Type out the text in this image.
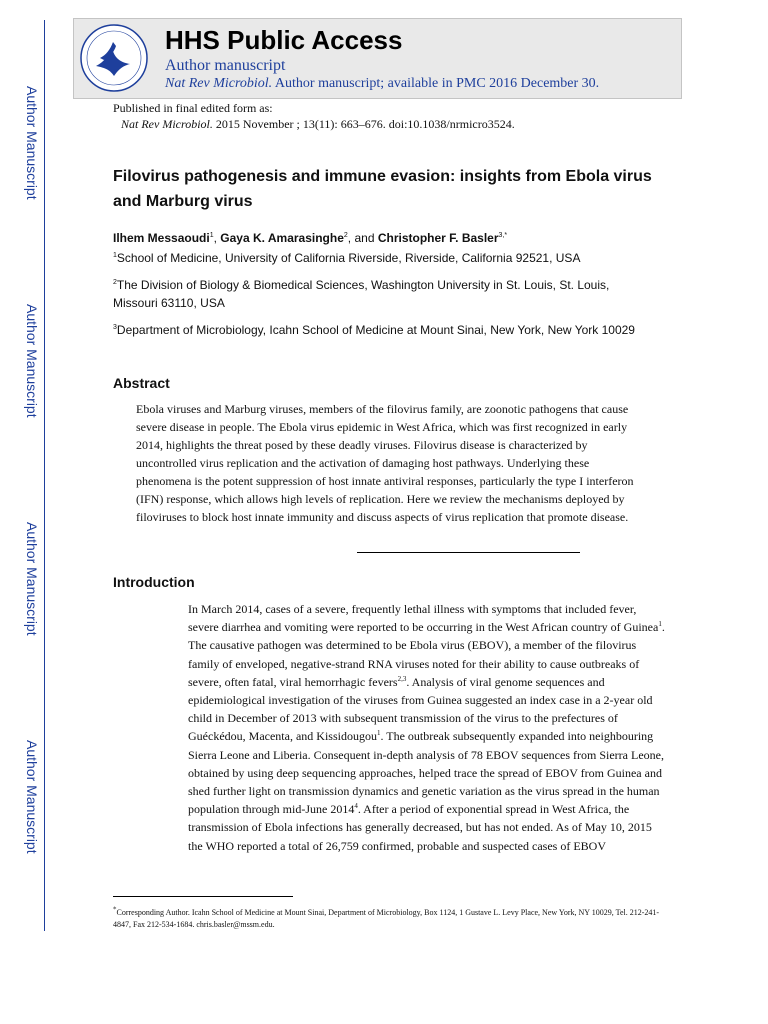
HHS Public Access
Author manuscript
Nat Rev Microbiol. Author manuscript; available in PMC 2016 December 30.
Author Manuscript
Author Manuscript
Author Manuscript
Author Manuscript
Published in final edited form as:
Nat Rev Microbiol. 2015 November ; 13(11): 663–676. doi:10.1038/nrmicro3524.
Filovirus pathogenesis and immune evasion: insights from Ebola virus and Marburg virus
Ilhem Messaoudi$^1$, Gaya K. Amarasinghe$^2$, and Christopher F. Basler$^{3,*}$
$^1$School of Medicine, University of California Riverside, Riverside, California 92521, USA
$^2$The Division of Biology & Biomedical Sciences, Washington University in St. Louis, St. Louis, Missouri 63110, USA
$^3$Department of Microbiology, Icahn School of Medicine at Mount Sinai, New York, New York 10029
Abstract
Ebola viruses and Marburg viruses, members of the filovirus family, are zoonotic pathogens that cause severe disease in people. The Ebola virus epidemic in West Africa, which was first recognized in early 2014, highlights the threat posed by these deadly viruses. Filovirus disease is characterized by uncontrolled virus replication and the activation of damaging host pathways. Underlying these phenomena is the potent suppression of host innate antiviral responses, particularly the type I interferon (IFN) response, which allows high levels of replication. Here we review the mechanisms deployed by filoviruses to block host innate immunity and discuss aspects of virus replication that promote disease.
Introduction
In March 2014, cases of a severe, frequently lethal illness with symptoms that included fever, severe diarrhea and vomiting were reported to be occurring in the West African country of Guinea$^1$. The causative pathogen was determined to be Ebola virus (EBOV), a member of the filovirus family of enveloped, negative-strand RNA viruses noted for their ability to cause outbreaks of severe, often fatal, viral hemorrhagic fevers$^{2,3}$. Analysis of viral genome sequences and epidemiological investigation of the viruses from Guinea suggested an index case in a 2-year old child in December of 2013 with subsequent transmission of the virus to the prefectures of Guéckédou, Macenta, and Kissidougou$^1$. The outbreak subsequently expanded into neighbouring Sierra Leone and Liberia. Consequent in-depth analysis of 78 EBOV sequences from Sierra Leone, obtained by using deep sequencing approaches, helped trace the spread of EBOV from Guinea and shed further light on transmission dynamics and genetic variation as the virus spread in the human population through mid-June 2014$^4$. After a period of exponential spread in West Africa, the transmission of Ebola infections has generally decreased, but has not ended. As of May 10, 2015 the WHO reported a total of 26,759 confirmed, probable and suspected cases of EBOV
*Corresponding Author. Icahn School of Medicine at Mount Sinai, Department of Microbiology, Box 1124, 1 Gustave L. Levy Place, New York, NY 10029, Tel. 212-241-4847, Fax 212-534-1684. chris.basler@mssm.edu.
